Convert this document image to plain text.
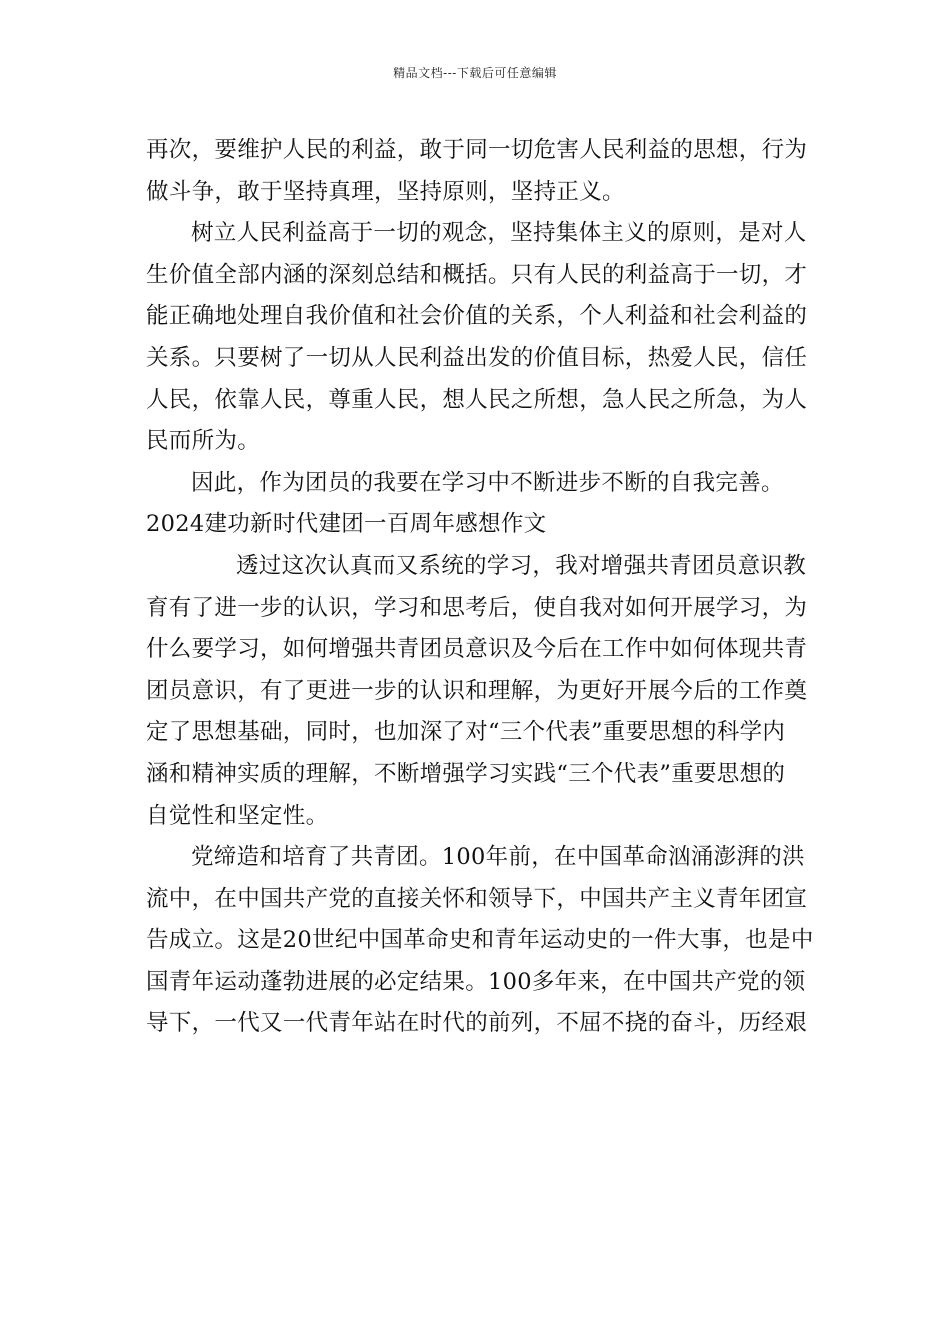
精品文档---下载后可任意编辑
再次，要维护人民的利益，敢于同一切危害人民利益的思想，行为
做斗争，敢于坚持真理，坚持原则，坚持正义。
树立人民利益高于一切的观念，坚持集体主义的原则，是对人
生价值全部内涵的深刻总结和概括。只有人民的利益高于一切，才
能正确地处理自我价值和社会价值的关系，个人利益和社会利益的
关系。只要树了一切从人民利益出发的价值目标，热爱人民，信任
人民，依靠人民，尊重人民，想人民之所想，急人民之所急，为人
民而所为。
因此，作为团员的我要在学习中不断进步不断的自我完善。
2024建功新时代建团一百周年感想作文
透过这次认真而又系统的学习，我对增强共青团员意识教
育有了进一步的认识，学习和思考后，使自我对如何开展学习，为
什么要学习，如何增强共青团员意识及今后在工作中如何体现共青
团员意识，有了更进一步的认识和理解，为更好开展今后的工作奠
定了思想基础，同时，也加深了对“三个代表”重要思想的科学内
涵和精神实质的理解，不断增强学习实践“三个代表”重要思想的
自觉性和坚定性。
党缔造和培育了共青团。100年前，在中国革命汹涌澎湃的洪
流中，在中国共产党的直接关怀和领导下，中国共产主义青年团宣
告成立。这是20世纪中国革命史和青年运动史的一件大事，也是中
国青年运动蓬勃进展的必定结果。100多年来，在中国共产党的领
导下，一代又一代青年站在时代的前列，不屈不挠的奋斗，历经艰
